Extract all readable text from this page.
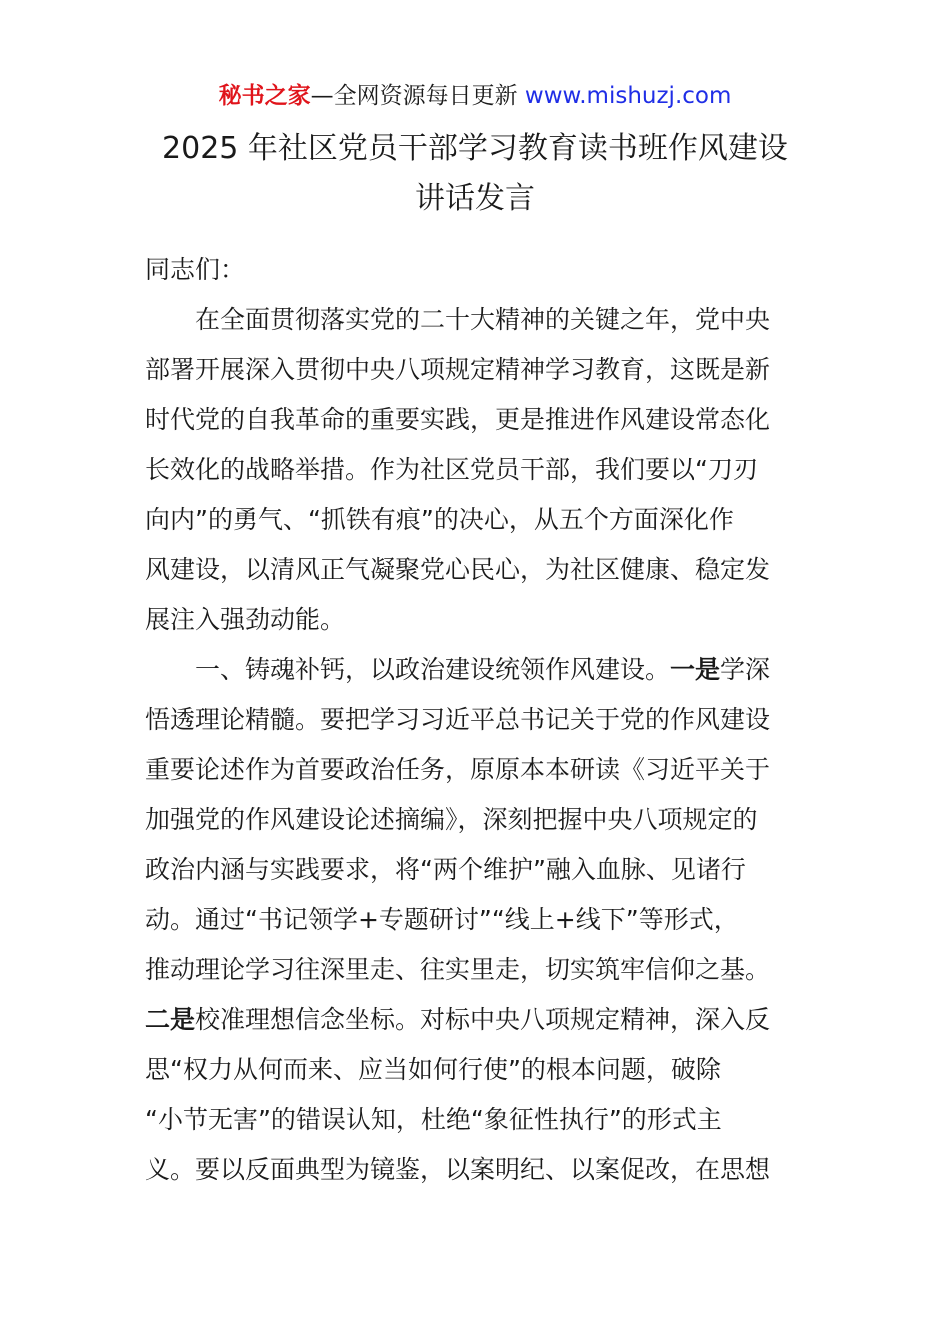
秘书之家—全网资源每日更新 www.mishuzj.com
2025 年社区党员干部学习教育读书班作风建设
讲话发言
同志们：
在全面贯彻落实党的二十大精神的关键之年，党中央
部署开展深入贯彻中央八项规定精神学习教育，这既是新
时代党的自我革命的重要实践，更是推进作风建设常态化
长效化的战略举措。作为社区党员干部，我们要以“刀刃
向内”的勇气、“抓铁有痕”的决心，从五个方面深化作
风建设，以清风正气凝聚党心民心，为社区健康、稳定发
展注入强劲动能。
一、铸魂补钙，以政治建设统领作风建设。一是学深
悟透理论精髓。要把学习习近平总书记关于党的作风建设
重要论述作为首要政治任务，原原本本研读《习近平关于
加强党的作风建设论述摘编》，深刻把握中央八项规定的
政治内涵与实践要求，将“两个维护”融入血脉、见诸行
动。通过“书记领学+专题研讨”“线上+线下”等形式，
推动理论学习往深里走、往实里走，切实筑牢信仰之基。
二是校准理想信念坐标。对标中央八项规定精神，深入反
思“权力从何而来、应当如何行使”的根本问题，破除
“小节无害”的错误认知，杜绝“象征性执行”的形式主
义。要以反面典型为镜鉴，以案明纪、以案促改，在思想
